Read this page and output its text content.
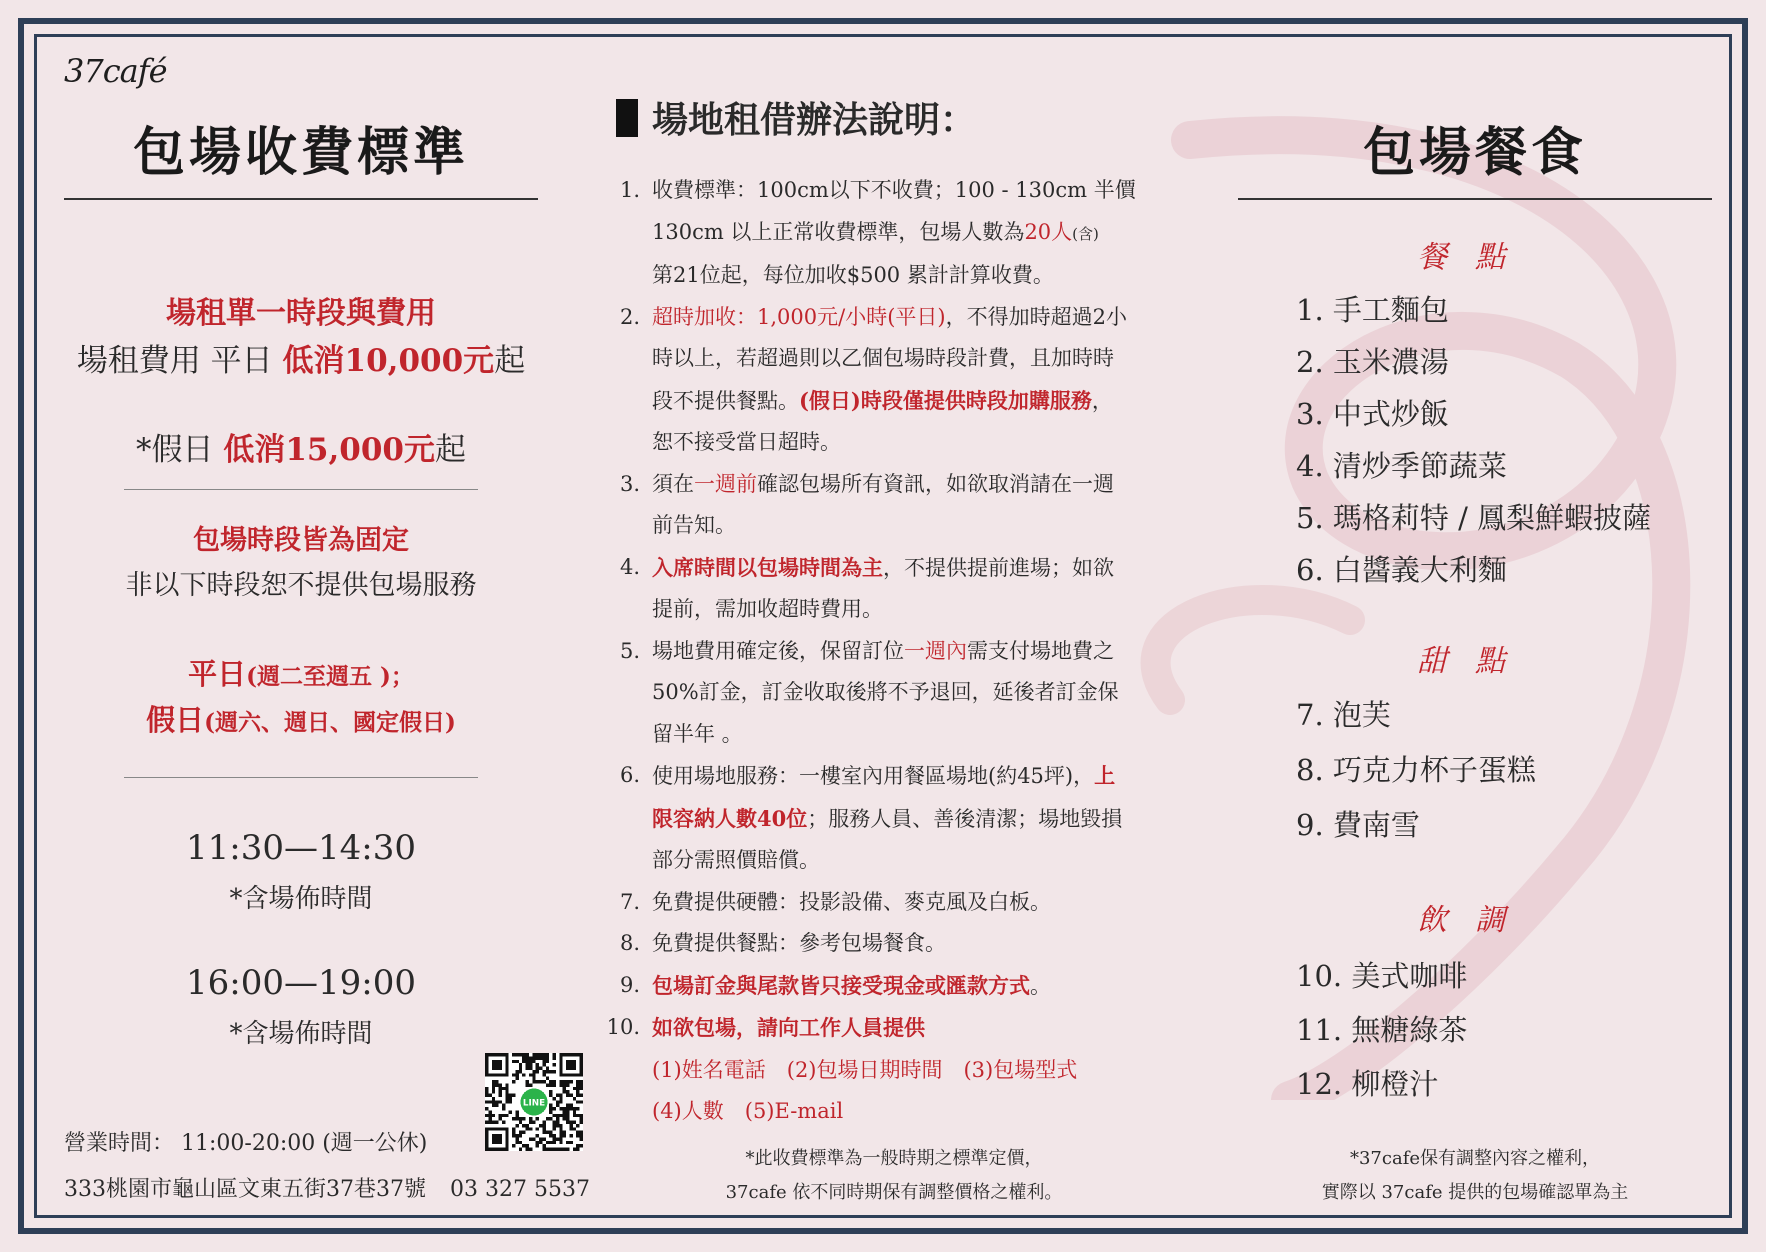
37café
包場收費標準
場租單一時段與費用
場租費用 平日 低消10,000元起
*假日 低消15,000元起
包場時段皆為固定
非以下時段恕不提供包場服務
平日(週二至週五 )；
假日(週六、週日、國定假日)
11:30—14:30
*含場佈時間
16:00—19:00
*含場佈時間
營業時間： 11:00-20:00 (週一公休)
333桃園市龜山區文東五街37巷37號 03 327 5537
LINE
場地租借辦法說明：
1. 收費標準：100cm以下不收費；100 - 130cm 半價
130cm 以上正常收費標準，包場人數為20人(含)
第21位起，每位加收$500 累計計算收費。
2. 超時加收：1,000元/小時(平日)，不得加時超過2小
時以上，若超過則以乙個包場時段計費，且加時時
段不提供餐點。(假日)時段僅提供時段加購服務，
恕不接受當日超時。
3. 須在一週前確認包場所有資訊，如欲取消請在一週
前告知。
4. 入席時間以包場時間為主，不提供提前進場；如欲
提前，需加收超時費用。
5. 場地費用確定後，保留訂位一週內需支付場地費之
50%訂金，訂金收取後將不予退回，延後者訂金保
留半年 。
6. 使用場地服務：一樓室內用餐區場地(約45坪)，上
限容納人數40位；服務人員、善後清潔；場地毀損
部分需照價賠償。
7. 免費提供硬體：投影設備、麥克風及白板。
8. 免費提供餐點：參考包場餐食。
9. 包場訂金與尾款皆只接受現金或匯款方式。
10. 如欲包場，請向工作人員提供
(1)姓名電話　(2)包場日期時間　(3)包場型式
(4)人數　(5)E-mail
*此收費標準為一般時期之標準定價，
37cafe 依不同時期保有調整價格之權利。
包場餐食
餐點
1. 手工麵包
2. 玉米濃湯
3. 中式炒飯
4. 清炒季節蔬菜
5. 瑪格莉特 / 鳳梨鮮蝦披薩
6. 白醬義大利麵
甜點
7. 泡芙
8. 巧克力杯子蛋糕
9. 費南雪
飲調
10. 美式咖啡
11. 無糖綠茶
12. 柳橙汁
*37cafe保有調整內容之權利，
實際以 37cafe 提供的包場確認單為主
